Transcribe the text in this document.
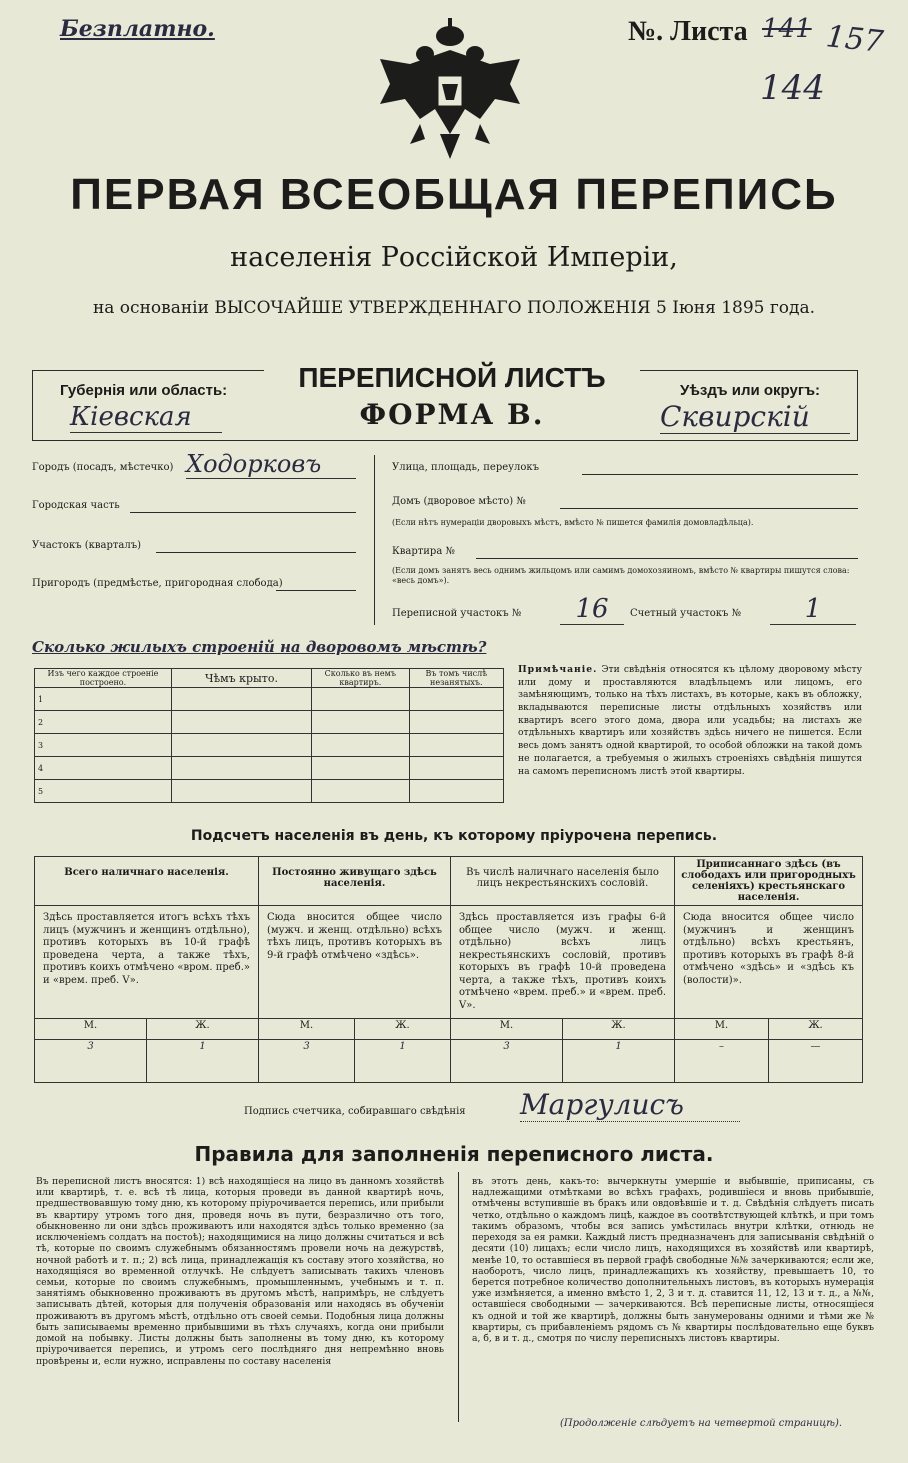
Безплатно.	№. Листа 141 157
144
ПЕРВАЯ ВСЕОБЩАЯ ПЕРЕПИСЬ
населенія Россійской Имперіи,
на основаніи ВЫСОЧАЙШЕ УТВЕРЖДЕННАГО ПОЛОЖЕНІЯ 5 Іюня 1895 года.
Губернія или область:
Кіевская
ПЕРЕПИСНОЙ ЛИСТЪ
ФОРМА В.
Уѣздъ или округъ:
Сквирскій
Городъ (посадъ, мѣстечко) Ходорковъ
Городская часть
Участокъ (кварталъ)
Пригородъ (предмѣстье, пригородная слобода)
Улица, площадь, переулокъ
Домъ (дворовое мѣсто) №
(Если нѣтъ нумераціи дворовыхъ мѣстъ, вмѣсто № пишется фамилія домовладѣльца).
Квартира №
(Если домъ занятъ весь однимъ жильцомъ или самимъ домохозяиномъ, вмѣсто № квартиры пишутся слова: «весь домъ»).
Переписной участокъ №	16	Счетный участокъ №	1
Сколько жилыхъ строеній на дворовомъ мѣстѣ?
Изъ чего каждое строеніе построено.	Чѣмъ крыто.	Сколько въ немъ квартиръ.	Въ томъ числѣ незанятыхъ.
1			
2			
3			
4			
5			
Примѣчаніе. Эти свѣдѣнія относятся къ цѣлому дворовому мѣсту или дому и проставляются владѣльцемъ или лицомъ, его замѣняющимъ, только на тѣхъ листахъ, въ которые, какъ въ обложку, вкладываются переписные листы отдѣльныхъ хозяйствъ или квартиръ всего этого дома, двора или усадьбы; на листахъ же отдѣльныхъ квартиръ или хозяйствъ здѣсь ничего не пишется. Если весь домъ занятъ одной квартирой, то особой обложки на такой домъ не полагается, а требуемыя о жилыхъ строеніяхъ свѣдѣнія пишутся на самомъ переписномъ листѣ этой квартиры.
Подсчетъ населенія въ день, къ которому пріурочена перепись.
Всего наличнаго населенія.		Постоянно живущаго здѣсь населенія.		Въ числѣ наличнаго населенія было лицъ некрестьянскихъ сословій.		Приписаннаго здѣсь (въ слободахъ или пригородныхъ селеніяхъ) крестьянскаго населенія.	
Здѣсь проставляется итогъ всѣхъ тѣхъ лицъ (мужчинъ и женщинъ отдѣльно), противъ которыхъ въ 10-й графѣ проведена черта, а также тѣхъ, противъ коихъ отмѣчено «вром. преб.» и «врем. преб. V».		Сюда вносится общее число (мужч. и женщ. отдѣльно) всѣхъ тѣхъ лицъ, противъ которыхъ въ 9-й графѣ отмѣчено «здѣсь».		Здѣсь проставляется изъ графы 6-й общее число (мужч. и женщ. отдѣльно) всѣхъ лицъ некрестьянскихъ сословій, противъ которыхъ въ графѣ 10-й проведена черта, а также тѣхъ, противъ коихъ отмѣчено «врем. преб.» и «врем. преб. V».		Сюда вносится общее число (мужчинъ и женщинъ отдѣльно) всѣхъ крестьянъ, противъ которыхъ въ графѣ 8-й отмѣчено «здѣсь» и «здѣсь къ (волости)».	
М.	Ж.	М.	Ж.	М.	Ж.	М.	Ж.
3	1	3	1	3	1	–	—
Подпись счетчика, собиравшаго свѣдѣнія Маргулисъ
Правила для заполненія переписного листа.
Въ переписной листъ вносятся: 1) всѣ находящіеся на лицо въ данномъ хозяйствѣ или квартирѣ, т. е. всѣ тѣ лица, которыя проведи въ данной квартирѣ ночь, предшествовавшую тому дню, къ которому пріурочивается перепись, или прибыли въ квартиру утромъ того дня, проведя ночь въ пути, безразлично отъ того, обыкновенно ли они здѣсь проживаютъ или находятся здѣсь только временно (за исключеніемъ солдатъ на постоѣ); находящимися на лицо должны считаться и всѣ тѣ, которые по своимъ служебнымъ обязанностямъ провели ночь на дежурствѣ, ночной работѣ и т. п.; 2) всѣ лица, принадлежащія къ составу этого хозяйства, но находящіяся во временной отлучкѣ. Не слѣдуетъ записывать такихъ членовъ семьи, которые по своимъ служебнымъ, промышленнымъ, учебнымъ и т. п. занятіямъ обыкновенно проживаютъ въ другомъ мѣстѣ, напримѣръ, не слѣдуетъ записывать дѣтей, которыя для полученія образованія или находясь въ обученіи проживаютъ въ другомъ мѣстѣ, отдѣльно отъ своей семьи. Подобныя лица должны быть записываемы временно прибывшими въ тѣхъ случаяхъ, когда они прибыли домой на побывку. Листы должны быть заполнены въ тому дню, къ которому пріурочивается перепись, и утромъ сего послѣдняго дня непремѣнно вновь провѣрены и, если нужно, исправлены по составу населенія
въ этотъ день, какъ-то: вычеркнуты умершіе и выбывшіе, приписаны, съ надлежащими отмѣтками во всѣхъ графахъ, родившіеся и вновь прибывшіе, отмѣчены вступившіе въ бракъ или овдовѣвшіе и т. д. Свѣдѣнія слѣдуетъ писать четко, отдѣльно о каждомъ лицѣ, каждое въ соотвѣтствующей клѣткѣ, и при томъ такимъ образомъ, чтобы вся запись умѣстилась внутри клѣтки, отнюдь не переходя за ея рамки. Каждый листъ предназначенъ для записыванія свѣдѣній о десяти (10) лицахъ; если число лицъ, находящихся въ хозяйствѣ или квартирѣ, менѣе 10, то оставшіеся въ первой графѣ свободные №№ зачеркиваются; если же, наоборотъ, число лицъ, принадлежащихъ къ хозяйству, превышаетъ 10, то берется потребное количество дополнительныхъ листовъ, въ которыхъ нумерація уже измѣняется, а именно вмѣсто 1, 2, 3 и т. д. ставится 11, 12, 13 и т. д., а №№, оставшіеся свободными — зачеркиваются. Всѣ переписные листы, относящіеся къ одной и той же квартирѣ, должны быть занумерованы одними и тѣми же № квартиры, съ прибавленіемъ рядомъ съ № квартиры послѣдовательно еще буквъ а, б, в и т. д., смотря по числу переписныхъ листовъ квартиры.
(Продолженіе слѣдуетъ на четвертой страницѣ).
